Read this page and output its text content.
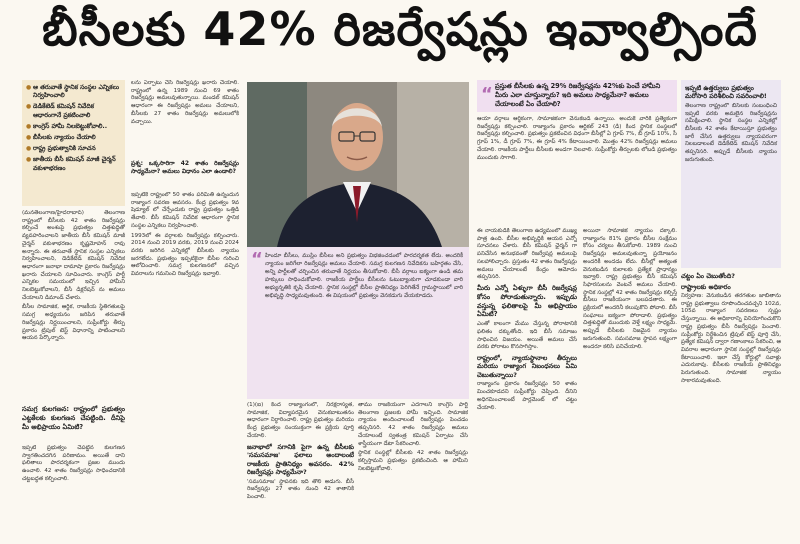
బీసీలకు 42% రిజర్వేషన్లు ఇవ్వాల్సిందే
● ఆ తరువాతే స్థానిక సంస్థల ఎన్నికలు నిర్వహించాలి
● డెడికేటెడ్ కమిషన్ నివేదిక ఆధారంగానే ప్రకటించాలి
● కాంగ్రెస్ హామీ నిలబెట్టుకోవాలి..
● బీసీలకు న్యాయం చేయాలి
● రాష్ట్ర ప్రభుత్వానికి సూచన
● జాతీయ బీసీ కమిషన్ మాజీ చైర్మన్ వకుళాభరణం

(మనతెలంగాణ/హైదరాబాద్) తెలంగాణ రాష్ట్రంలో బీసీలకు 42 శాతం రిజర్వేషన్లు కల్పించే అంశంపై ప్రభుత్వం చిత్తశుద్ధితో వ్యవహరించాలని జాతీయ బీసీ కమిషన్ మాజీ చైర్మన్ వకుళాభరణం కృష్ణమోహన్ రావు అన్నారు. ఈ తరువాతే స్థానిక సంస్థల ఎన్నికలు నిర్వహించాలని, డెడికేటెడ్ కమిషన్ నివేదిక ఆధారంగా జనాభా దామాషా ప్రకారం రిజర్వేషన్లు ఖరారు చేయాలని సూచించారు. కాంగ్రెస్ పార్టీ ఎన్నికల సమయంలో ఇచ్చిన హామీని నిలబెట్టుకోవాలని, బీసీ డిక్లరేషన్ ను అమలు చేయాలని డిమాండ్ చేశారు.

బీసీల సామాజిక, ఆర్థిక, రాజకీయ స్థితిగతులపై సమగ్ర అధ్యయనం జరిపిన తరువాతే రిజర్వేషన్లు నిర్ణయించాలని, సుప్రీంకోర్టు తీర్పు ప్రకారం ట్రిపుల్ టెస్ట్ విధానాన్ని పాటించాలని ఆయన పేర్కొన్నారు.

సమగ్ర కులగణన: రాష్ట్రంలో ప్రభుత్వం ఎట్టకేలకు కులగణన చేపట్టింది. దీనిపై మీ అభిప్రాయం ఏమిటి?

ఇప్పటి ప్రభుత్వం చేపట్టిన కులగణన స్వాగతించదగిన పరిణామం. అయితే దాని ఫలితాలు పారదర్శకంగా ప్రజల ముందు ఉంచాలి. 42 శాతం రిజర్వేషన్లు సాధించడానికి చట్టబద్ధత కల్పించాలి.

లను ఏర్పాటు చేసి రిజర్వేషన్లు ఖరారు చేయాలి. రాష్ట్రంలో ఉన్న 1989 నుంచి 69 శాతం రిజర్వేషన్లు అమలవుతున్నాయి. మండల్ కమిషన్ ఆధారంగా ఈ రిజర్వేషన్లు అమలు చేయాలని, బీసీలకు 27 శాతం రిజర్వేషన్లు అమలులోకి వచ్చాయి.

ప్రశ్న: ఒక్కసారిగా 42 శాతం రిజర్వేషన్లు సాధ్యమేనా? అమలు విధానం ఎలా ఉండాలి?

ఇప్పటికే రాష్ట్రంలో 50 శాతం పరిమితి ఉన్నందున రాజ్యాంగ సవరణ అవసరం. కేంద్ర ప్రభుత్వం 9వ షెడ్యూల్ లో చేర్చేందుకు రాష్ట్ర ప్రభుత్వం ఒత్తిడి తేవాలి. బీసీ కమిషన్ నివేదిక ఆధారంగా స్థానిక సంస్థల ఎన్నికలు నిర్వహించాలి.

1993లో ఈ వర్గాలకు రిజర్వేషన్లు కల్పించారు. 2014 నుంచి 2019 వరకు, 2019 నుంచి 2024 వరకు జరిగిన ఎన్నికల్లో బీసీలకు న్యాయం జరగలేదు. ప్రభుత్వం ఇప్పటికైనా బీసీల గురించి ఆలోచించాలి. సమగ్ర కులగణనలో వచ్చిన వివరాలను గమనించి రిజర్వేషన్లు ఇవ్వాలి.

“ హిందూ బీసీలు, ముస్లిం బీసీలు అని ప్రభుత్వం విభజించడంలో పారదర్శకత లేదు. అందరికీ న్యాయం జరిగేలా రిజర్వేషన్లు అమలు చేయాలి. సమగ్ర కులగణన నివేదికను బహిర్గతం చేసి, అన్ని పార్టీలతో చర్చించిన తరువాతే నిర్ణయం తీసుకోవాలి. బీసీ వర్గాలు ఐక్యంగా ఉండి తమ హక్కులు సాధించుకోవాలి. రాజకీయ పార్టీలు బీసీలను ఓటుబ్యాంకుగా చూడకుండా వారి అభ్యున్నతికి కృషి చేయాలి. స్థానిక సంస్థల్లో బీసీల ప్రాతినిధ్యం పెరిగితేనే గ్రామస్థాయిలో వారి అభివృద్ధి సాధ్యమవుతుంది. ఈ విషయంలో ప్రభుత్వం వెనకడుగు వేయకూడదు.

(1)(ఐ) కింద రాజ్యాంగంలో, నిరక్షరాస్యత, సామాజిక, విద్యాపరమైన వెనుకబాటుతనం ఆధారంగా నిర్ధారించాలి. రాష్ట్ర ప్రభుత్వం మరియు కేంద్ర ప్రభుత్వం సంయుక్తంగా ఈ ప్రక్రియ పూర్తి చేయాలి.

జనాభాలో సగానికి పైగా ఉన్న బీసీలకు 'సమసమాజ' ఫలాలు అందాలంటే రాజకీయ ప్రాతినిధ్యం అవసరం. 42% రిజర్వేషన్లు సాధ్యమేనా?

'సమసమాజ' స్థాపనకు ఇది తొలి అడుగు. బీసీ రిజర్వేషన్లు 27 శాతం నుంచి 42 శాతానికి పెంచాలి.

తాము రాజకీయంగా ఎదగాలని కాంగ్రెస్ పార్టీ తెలంగాణ ప్రజలకు హామీ ఇచ్చింది. సామాజిక న్యాయం అందించాలంటే రిజర్వేషన్లు పెంచడం తప్పనిసరి. 42 శాతం రిజర్వేషన్లు అమలు చేయాలంటే స్వతంత్ర కమిషన్ ఏర్పాటు చేసి శాస్త్రీయంగా డేటా సేకరించాలి.

స్థానిక సంస్థల్లో బీసీలకు 42 శాతం రిజర్వేషన్లు కల్పిస్తామని ప్రభుత్వం ప్రకటించింది. ఆ హామీని నిలబెట్టుకోవాలి.

“ ప్రస్తుత బీసీలకు ఉన్న 29% రిజర్వేషన్లను 42%కు పెంచే హామీని మీరు ఎలా చూస్తున్నారు? ఇది అమలు సాధ్యమేనా? అమలు చేయాలంటే ఏం చేయాలి?

ఆయా వర్గాలు ఆర్థికంగా, సామాజికంగా వెనుకబడి ఉన్నాయి. అందుకే వారికి ప్రత్యేకంగా రిజర్వేషన్లు కల్పించాలి. రాజ్యాంగం ప్రకారం ఆర్టికల్ 243 (డి) కింద స్థానిక సంస్థలలో రిజర్వేషన్లు కల్పించాలి. ప్రభుత్వం ప్రకటించిన విధంగా బీసీల్లో ఏ గ్రూప్ 7%, బీ గ్రూప్ 10%, సీ గ్రూప్ 1%, డీ గ్రూప్ 7%, ఈ గ్రూప్ 4% కేటాయించాలి. మొత్తం 42% రిజర్వేషన్లు అమలు చేయాలి. రాజకీయ పార్టీలు బీసీలకు అండగా నిలవాలి. సుప్రీంకోర్టు తీర్పులకు లోబడి ప్రభుత్వం ముందుకు సాగాలి.

ఈ నాయకుడికి తెలంగాణ ఉద్యమంలో ముఖ్య పాత్ర ఉంది. బీసీల అభివృద్ధికి ఆయన ఎన్నో సూచనలు చేశారు. బీసీ కమిషన్ ఛైర్మన్ గా పనిచేసిన అనుభవంతో రిజర్వేషన్ల అమలుపై సలహాలిచ్చారు. ప్రస్తుతం 42 శాతం రిజర్వేషన్లు అమలు చేయాలంటే కేంద్రం ఆమోదం తప్పనిసరి.

మీరు ఎన్నో ఏళ్ళుగా బీసీ రిజర్వేషన్ల కోసం పోరాడుతున్నారు. ఇప్పుడు వస్తున్న ఫలితాలపై మీ అభిప్రాయం ఏమిటి?

ఎంతో కాలంగా మేము చేస్తున్న పోరాటానికి ఫలితం దక్కుతోంది. ఇది బీసీ సమాజం సాధించిన విజయం. అయితే అమలు చేసే వరకు పోరాటం కొనసాగిస్తాం.

రాష్ట్రంలో, న్యాయస్థానాల తీర్పులు మరియు రాజ్యాంగ నిబంధనలు ఏమి చెబుతున్నాయి?

రాజ్యాంగం ప్రకారం రిజర్వేషన్లు 50 శాతం మించకూడదని సుప్రీంకోర్టు చెప్పింది. దీనిని అధిగమించాలంటే పార్లమెంట్ లో చట్టం చేయాలి.

అయినా సామాజిక న్యాయం దక్కాలి. రాజ్యాంగం 81% ప్రకారం బీసీల సంక్షేమం కోసం చర్యలు తీసుకోవాలి. 1989 నుంచి రిజర్వేషన్లు అమలవుతున్నా ప్రయోజనం అందరికీ అందడం లేదు. బీసీల్లో అత్యంత వెనుకబడిన కులాలకు ప్రత్యేక ప్రాధాన్యం ఇవ్వాలి. రాష్ట్ర ప్రభుత్వం బీసీ కమిషన్ సిఫారసులను వెంటనే అమలు చేయాలి. స్థానిక సంస్థల్లో 42 శాతం రిజర్వేషన్లు కల్పిస్తే బీసీలు రాజకీయంగా బలపడతారు. ఈ ప్రక్రియలో అందరినీ కలుపుకొని పోవాలి. బీసీ సంఘాలు ఐక్యంగా పోరాడాలి. ప్రభుత్వం చిత్తశుద్ధితో ముందుకు వెళ్తే లక్ష్యం సాధ్యమే. అప్పుడే బీసీలకు నిజమైన న్యాయం జరుగుతుంది. సమసమాజ స్థాపన లక్ష్యంగా అందరూ కలిసి పనిచేయాలి.

ఇప్పటి ఉత్తర్వులు ప్రభుత్వం మరోసారి పరిశీలించి సవరించాలి!
తెలంగాణ రాష్ట్రంలో బీసీలకు సంబంధించి ఇప్పటి వరకు అమలైన రిజర్వేషన్లను సమీక్షించాలి. స్థానిక సంస్థల ఎన్నికల్లో బీసీలకు 42 శాతం కేటాయిస్తూ ప్రభుత్వం జారీ చేసిన ఉత్తర్వులు న్యాయపరంగా నిలబడాలంటే డెడికేటెడ్ కమిషన్ నివేదిక తప్పనిసరి. అప్పుడే బీసీలకు న్యాయం జరుగుతుంది.

చట్టం ఏం చెబుతోంది?

రాష్ట్రాలకు అధికారం

నిర్వహణ: వెనుకబడిన తరగతుల జాబితాను రాష్ట్ర ప్రభుత్వాలు రూపొందించవచ్చని 102వ, 105వ రాజ్యాంగ సవరణలు స్పష్టం చేస్తున్నాయి. ఈ అధికారాన్ని వినియోగించుకొని రాష్ట్ర ప్రభుత్వం బీసీ రిజర్వేషన్లు పెంచాలి. సుప్రీంకోర్టు నిర్దేశించిన ట్రిపుల్ టెస్ట్ పూర్తి చేసి, ప్రత్యేక కమిషన్ ద్వారా గణాంకాలు సేకరించి, ఆ వివరాల ఆధారంగా స్థానిక సంస్థల్లో రిజర్వేషన్లు కేటాయించాలి. ఇలా చేస్తే కోర్టుల్లో సవాళ్లు ఎదురుకావు. బీసీలకు రాజకీయ ప్రాతినిధ్యం పెరుగుతుంది. సామాజిక న్యాయం సాకారమవుతుంది.
